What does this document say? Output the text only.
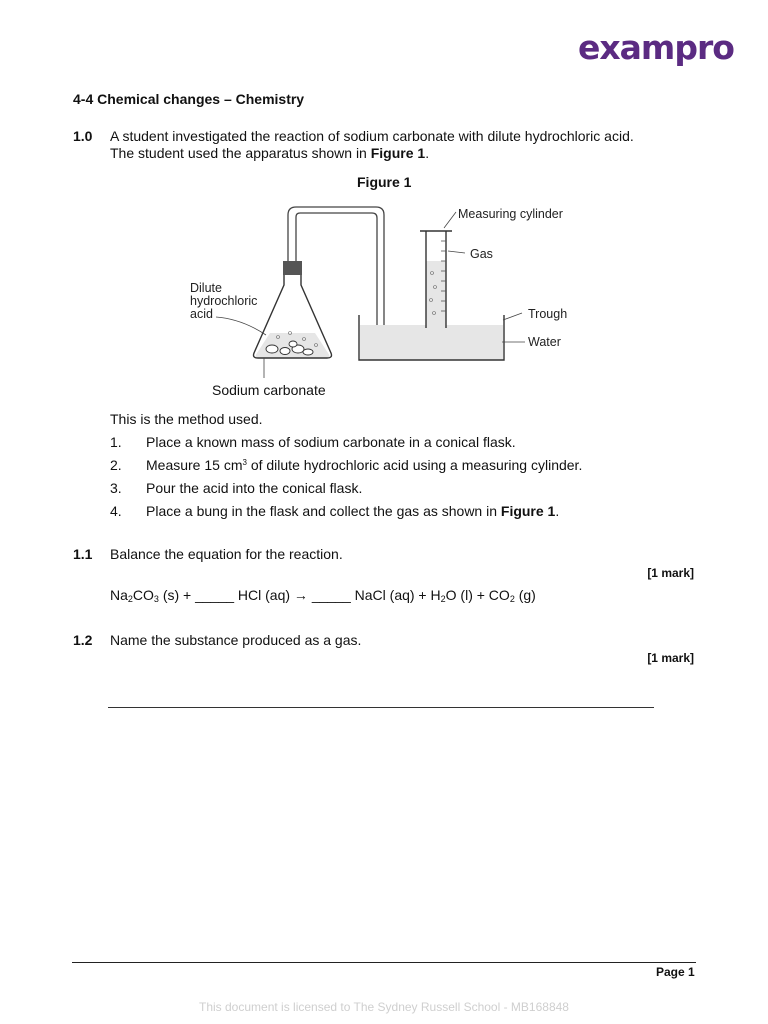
exampro
4-4 Chemical changes – Chemistry
1.0 A student investigated the reaction of sodium carbonate with dilute hydrochloric acid.
The student used the apparatus shown in Figure 1.
Figure 1
Measuring cylinder
Gas
Dilute
hydrochloric
acid	Trough
Water
Sodium carbonate
This is the method used.
1.	Place a known mass of sodium carbonate in a conical flask.
2.	Measure 15 $cm^3$ of dilute hydrochloric acid using a measuring cylinder.
3.	Pour the acid into the conical flask.
4.	Place a bung in the flask and collect the gas as shown in Figure 1.
1.1 Balance the equation for the reaction.
[1 mark]
$Na_2CO_3$ (s) + _____ HCl (aq) → _____ NaCl $(aq) + H_2O$ $(l) + CO_2$ (g)
1.2 Name the substance produced as a gas.
[1 mark]
Page 1
This document is licensed to The Sydney Russell School - MB168848
